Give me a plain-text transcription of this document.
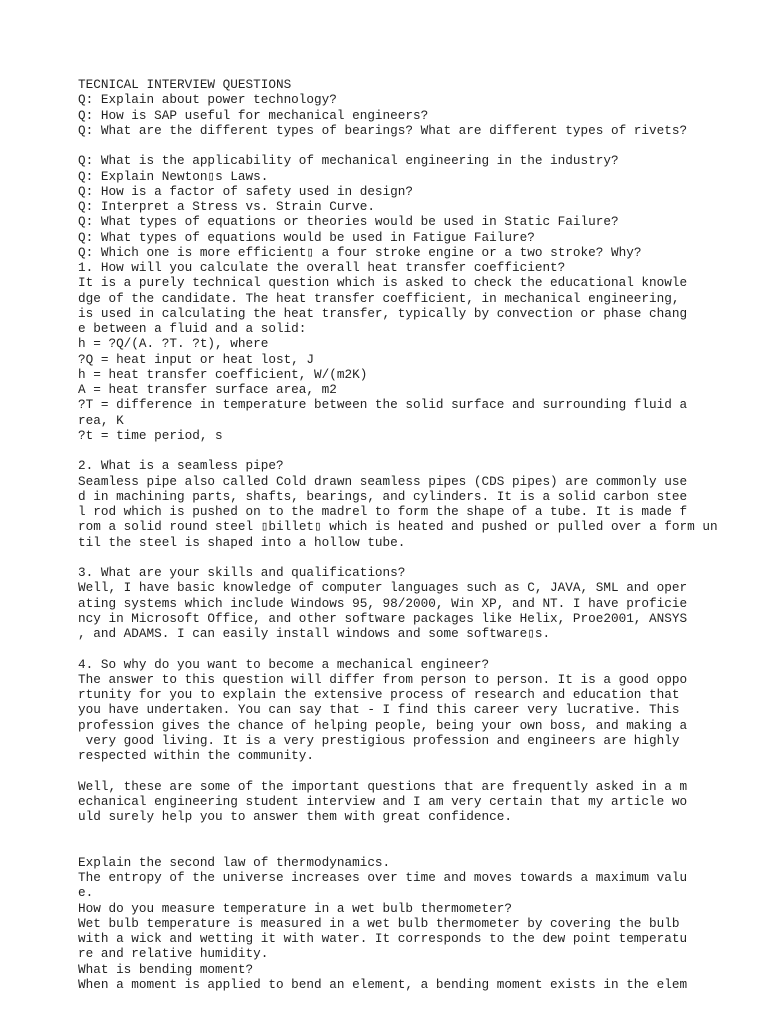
TECNICAL INTERVIEW QUESTIONS
Q: Explain about power technology?
Q: How is SAP useful for mechanical engineers?
Q: What are the different types of bearings? What are different types of rivets?
Q: What is the applicability of mechanical engineering in the industry?
Q: Explain Newton▯s Laws.
Q: How is a factor of safety used in design?
Q: Interpret a Stress vs. Strain Curve.
Q: What types of equations or theories would be used in Static Failure?
Q: What types of equations would be used in Fatigue Failure?
Q: Which one is more efficient▯ a four stroke engine or a two stroke? Why?
1. How will you calculate the overall heat transfer coefficient?
It is a purely technical question which is asked to check the educational knowle
dge of the candidate. The heat transfer coefficient, in mechanical engineering,
is used in calculating the heat transfer, typically by convection or phase chang
e between a fluid and a solid:
h = ?Q/(A. ?T. ?t), where
?Q = heat input or heat lost, J
h = heat transfer coefficient, W/(m2K)
A = heat transfer surface area, m2
?T = difference in temperature between the solid surface and surrounding fluid a
rea, K
?t = time period, s
2. What is a seamless pipe?
Seamless pipe also called Cold drawn seamless pipes (CDS pipes) are commonly use
d in machining parts, shafts, bearings, and cylinders. It is a solid carbon stee
l rod which is pushed on to the madrel to form the shape of a tube. It is made f
rom a solid round steel ▯billet▯ which is heated and pushed or pulled over a form un
til the steel is shaped into a hollow tube.
3. What are your skills and qualifications?
Well, I have basic knowledge of computer languages such as C, JAVA, SML and oper
ating systems which include Windows 95, 98/2000, Win XP, and NT. I have proficie
ncy in Microsoft Office, and other software packages like Helix, Proe2001, ANSYS
, and ADAMS. I can easily install windows and some software▯s.
4. So why do you want to become a mechanical engineer?
The answer to this question will differ from person to person. It is a good oppo
rtunity for you to explain the extensive process of research and education that
you have undertaken. You can say that - I find this career very lucrative. This
profession gives the chance of helping people, being your own boss, and making a
very good living. It is a very prestigious profession and engineers are highly
respected within the community.
Well, these are some of the important questions that are frequently asked in a m
echanical engineering student interview and I am very certain that my article wo
uld surely help you to answer them with great confidence.
Explain the second law of thermodynamics.
The entropy of the universe increases over time and moves towards a maximum valu
e.
How do you measure temperature in a wet bulb thermometer?
Wet bulb temperature is measured in a wet bulb thermometer by covering the bulb
with a wick and wetting it with water. It corresponds to the dew point temperatu
re and relative humidity.
What is bending moment?
When a moment is applied to bend an element, a bending moment exists in the elem
